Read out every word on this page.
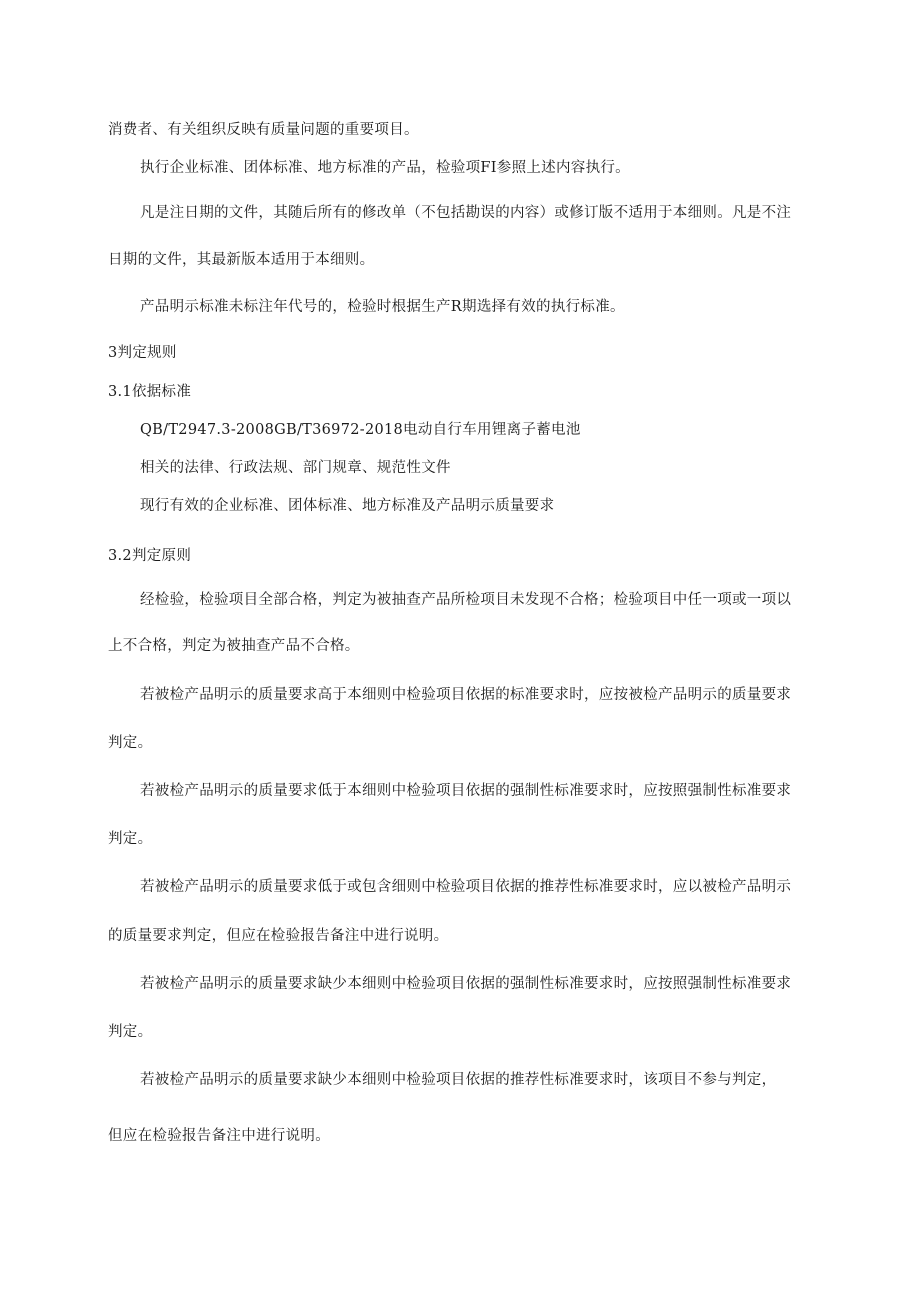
消费者、有关组织反映有质量问题的重要项目。

执行企业标准、团体标准、地方标准的产品，检验项FI参照上述内容执行。

凡是注日期的文件，其随后所有的修改单（不包括勘误的内容）或修订版不适用于本细则。凡是不注

日期的文件，其最新版本适用于本细则。

产品明示标准未标注年代号的，检验时根据生产R期选择有效的执行标准。

3判定规则

3.1依据标准

QB/T2947.3-2008GB/T36972-2018电动自行车用锂离子蓄电池

相关的法律、行政法规、部门规章、规范性文件

现行有效的企业标准、团体标准、地方标准及产品明示质量要求

3.2判定原则

经检验，检验项目全部合格，判定为被抽查产品所检项目未发现不合格；检验项目中任一项或一项以

上不合格，判定为被抽查产品不合格。

若被检产品明示的质量要求高于本细则中检验项目依据的标准要求时，应按被检产品明示的质量要求

判定。

若被检产品明示的质量要求低于本细则中检验项目依据的强制性标准要求时，应按照强制性标准要求

判定。

若被检产品明示的质量要求低于或包含细则中检验项目依据的推荐性标准要求时，应以被检产品明示

的质量要求判定，但应在检验报告备注中进行说明。

若被检产品明示的质量要求缺少本细则中检验项目依据的强制性标准要求时，应按照强制性标准要求

判定。

若被检产品明示的质量要求缺少本细则中检验项目依据的推荐性标准要求时，该项目不参与判定，

但应在检验报告备注中进行说明。
